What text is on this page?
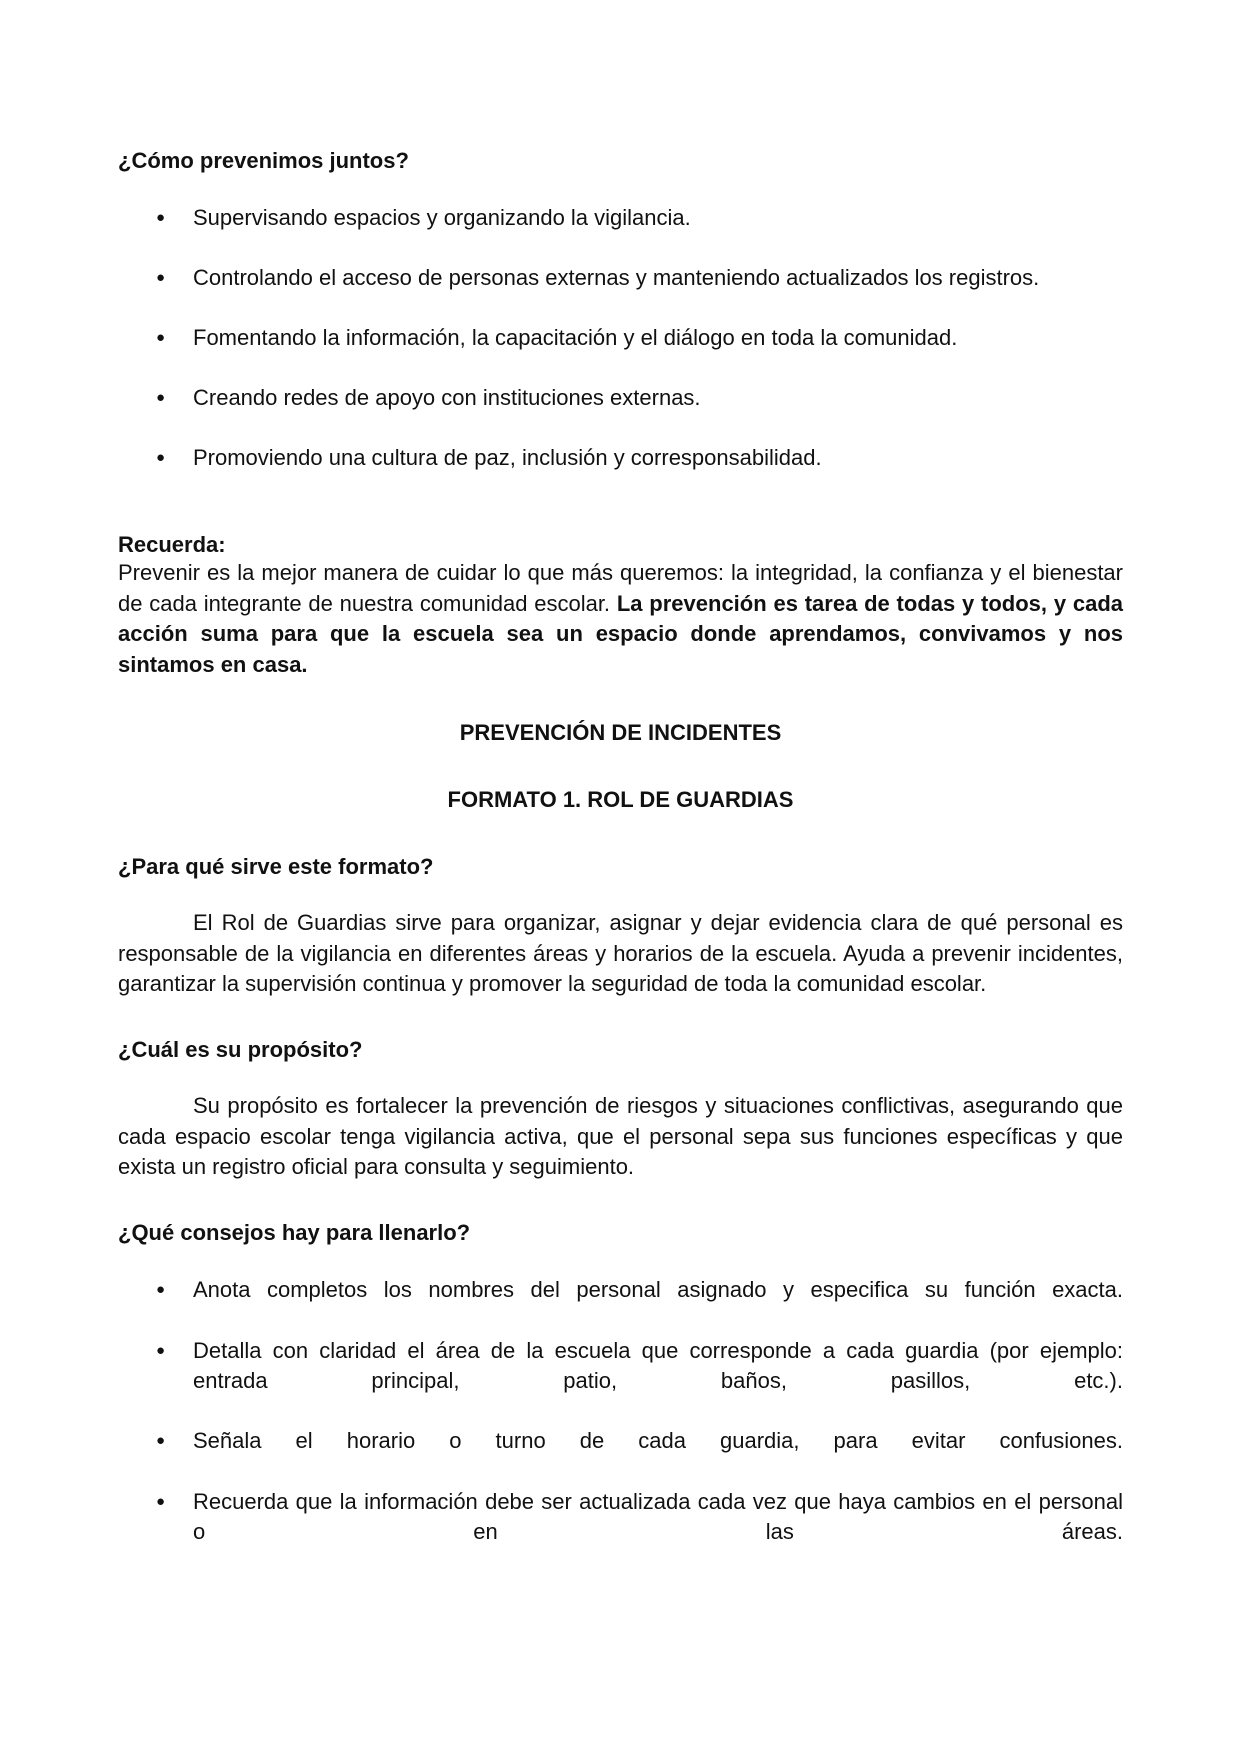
¿Cómo prevenimos juntos?
● Supervisando espacios y organizando la vigilancia.
● Controlando el acceso de personas externas y manteniendo actualizados los registros.
● Fomentando la información, la capacitación y el diálogo en toda la comunidad.
● Creando redes de apoyo con instituciones externas.
● Promoviendo una cultura de paz, inclusión y corresponsabilidad.
Recuerda:

Prevenir es la mejor manera de cuidar lo que más queremos: la integridad, la confianza y el bienestar de cada integrante de nuestra comunidad escolar. La prevención es tarea de todas y todos, y cada acción suma para que la escuela sea un espacio donde aprendamos, convivamos y nos sintamos en casa.

PREVENCIÓN DE INCIDENTES
FORMATO 1. ROL DE GUARDIAS
¿Para qué sirve este formato?

El Rol de Guardias sirve para organizar, asignar y dejar evidencia clara de qué personal es responsable de la vigilancia en diferentes áreas y horarios de la escuela. Ayuda a prevenir incidentes, garantizar la supervisión continua y promover la seguridad de toda la comunidad escolar.

¿Cuál es su propósito?

Su propósito es fortalecer la prevención de riesgos y situaciones conflictivas, asegurando que cada espacio escolar tenga vigilancia activa, que el personal sepa sus funciones específicas y que exista un registro oficial para consulta y seguimiento.

¿Qué consejos hay para llenarlo?
● Anota completos los nombres del personal asignado y especifica su función exacta.
● Detalla con claridad el área de la escuela que corresponde a cada guardia (por ejemplo: entrada principal, patio, baños, pasillos, etc.).
● Señala el horario o turno de cada guardia, para evitar confusiones.
● Recuerda que la información debe ser actualizada cada vez que haya cambios en el personal o en las áreas.
